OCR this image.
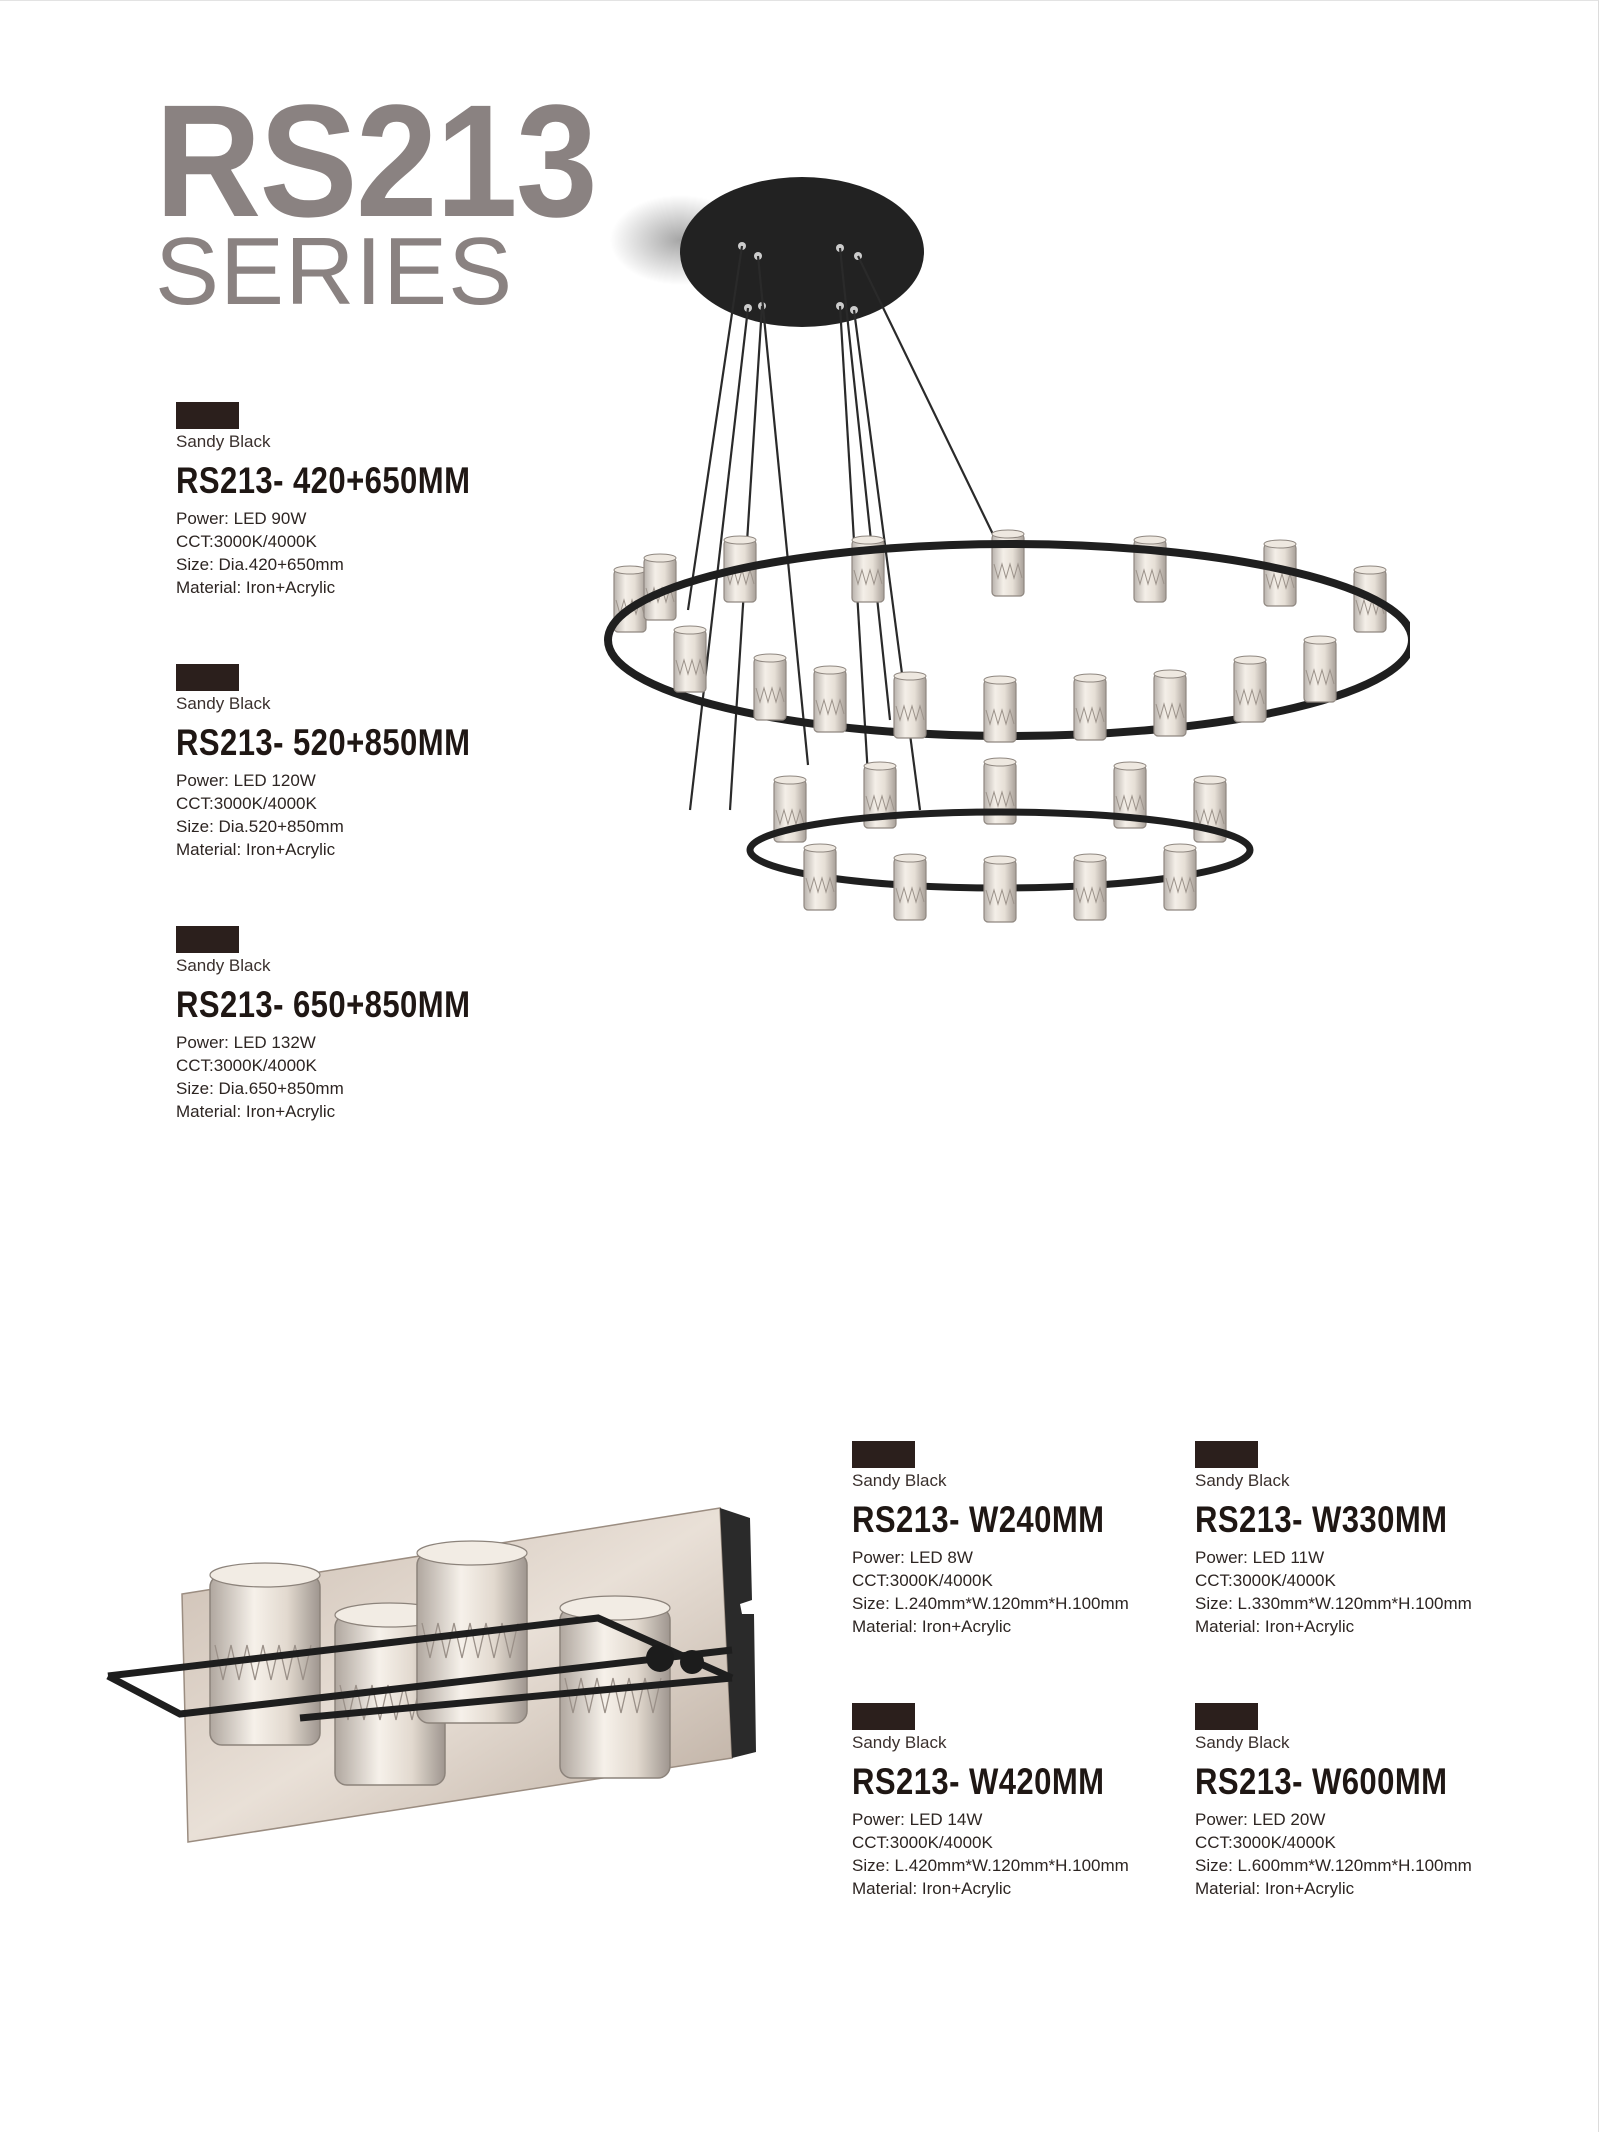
RS213
SERIES
Sandy Black
RS213- 420+650MM
Power: LED 90W
CCT:3000K/4000K
Size: Dia.420+650mm
Material: Iron+Acrylic
Sandy Black
RS213- 520+850MM
Power: LED 120W
CCT:3000K/4000K
Size: Dia.520+850mm
Material: Iron+Acrylic
Sandy Black
RS213- 650+850MM
Power: LED 132W
CCT:3000K/4000K
Size: Dia.650+850mm
Material: Iron+Acrylic
Sandy Black
RS213- W240MM
Power: LED 8W
CCT:3000K/4000K
Size: L.240mm*W.120mm*H.100mm
Material: Iron+Acrylic
Sandy Black
RS213- W330MM
Power: LED 11W
CCT:3000K/4000K
Size: L.330mm*W.120mm*H.100mm
Material: Iron+Acrylic
Sandy Black
RS213- W420MM
Power: LED 14W
CCT:3000K/4000K
Size: L.420mm*W.120mm*H.100mm
Material: Iron+Acrylic
Sandy Black
RS213- W600MM
Power: LED 20W
CCT:3000K/4000K
Size: L.600mm*W.120mm*H.100mm
Material: Iron+Acrylic
